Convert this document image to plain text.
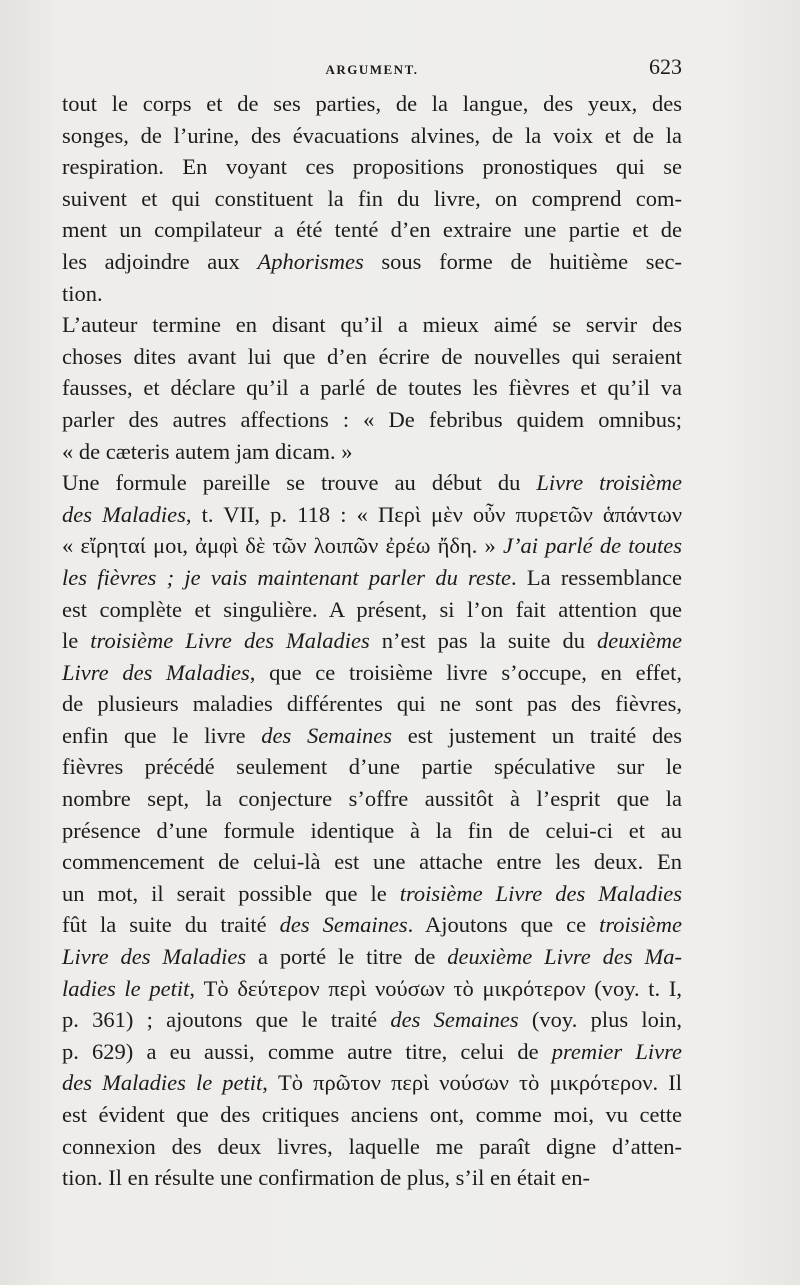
ARGUMENT.	623
tout le corps et de ses parties, de la langue, des yeux, des
songes, de l’urine, des évacuations alvines, de la voix et de la
respiration. En voyant ces propositions pronostiques qui se
suivent et qui constituent la fin du livre, on comprend com-
ment un compilateur a été tenté d’en extraire une partie et de
les adjoindre aux Aphorismes sous forme de huitième sec-
tion.
L’auteur termine en disant qu’il a mieux aimé se servir des
choses dites avant lui que d’en écrire de nouvelles qui seraient
fausses, et déclare qu’il a parlé de toutes les fièvres et qu’il va
parler des autres affections : « De febribus quidem omnibus;
« de cæteris autem jam dicam. »
Une formule pareille se trouve au début du Livre troisième
des Maladies, t. VII, p. 118 : « Περὶ μὲν οὖν πυρετῶν ἁπάντων
« εἴρηταί μοι, ἀμφὶ δὲ τῶν λοιπῶν ἐρέω ἤδη. » J’ai parlé de toutes
les fièvres ; je vais maintenant parler du reste. La ressemblance
est complète et singulière. A présent, si l’on fait attention que
le troisième Livre des Maladies n’est pas la suite du deuxième
Livre des Maladies, que ce troisième livre s’occupe, en effet,
de plusieurs maladies différentes qui ne sont pas des fièvres,
enfin que le livre des Semaines est justement un traité des
fièvres précédé seulement d’une partie spéculative sur le
nombre sept, la conjecture s’offre aussitôt à l’esprit que la
présence d’une formule identique à la fin de celui-ci et au
commencement de celui-là est une attache entre les deux. En
un mot, il serait possible que le troisième Livre des Maladies
fût la suite du traité des Semaines. Ajoutons que ce troisième
Livre des Maladies a porté le titre de deuxième Livre des Ma-
ladies le petit, Τὸ δεύτερον περὶ νούσων τὸ μικρότερον (voy. t. I,
p. 361) ; ajoutons que le traité des Semaines (voy. plus loin,
p. 629) a eu aussi, comme autre titre, celui de premier Livre
des Maladies le petit, Τὸ πρῶτον περὶ νούσων τὸ μικρότερον. Il
est évident que des critiques anciens ont, comme moi, vu cette
connexion des deux livres, laquelle me paraît digne d’atten-
tion. Il en résulte une confirmation de plus, s’il en était en-
